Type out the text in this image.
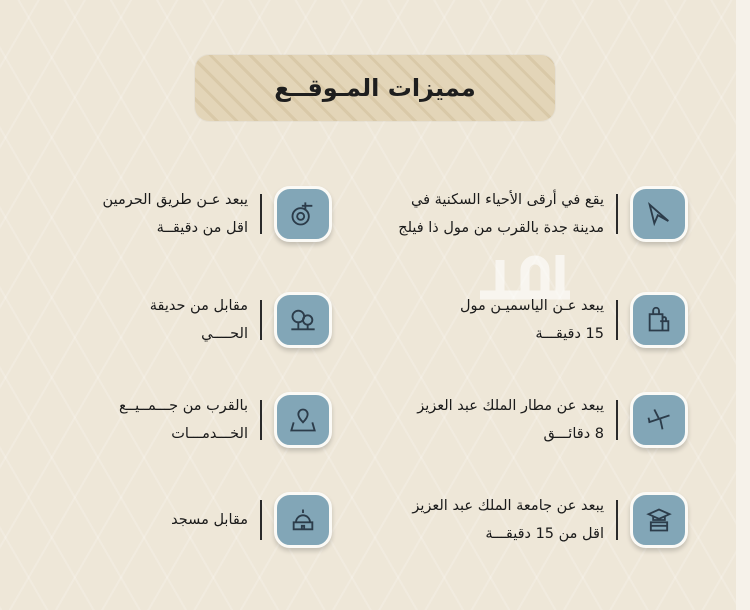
مميزات المـوقــع
يقع في أرقى الأحياء السكنية في
مدينة جدة بالقرب من مول ذا فيلج
يبعد عـن الياسميـن مول
15 دقيقـــة
يبعد عن مطار الملك عبد العزيز
8 دقائـــق
يبعد عن جامعة الملك عبد العزيز
اقل من 15 دقيقـــة
يبعد عـن طريق الحرمين
اقل من دقيقــة
مقابل من حديقة
الحــــي
بالقرب من جـــمــيــع
الخـــدمـــات
مقابل مسجد
